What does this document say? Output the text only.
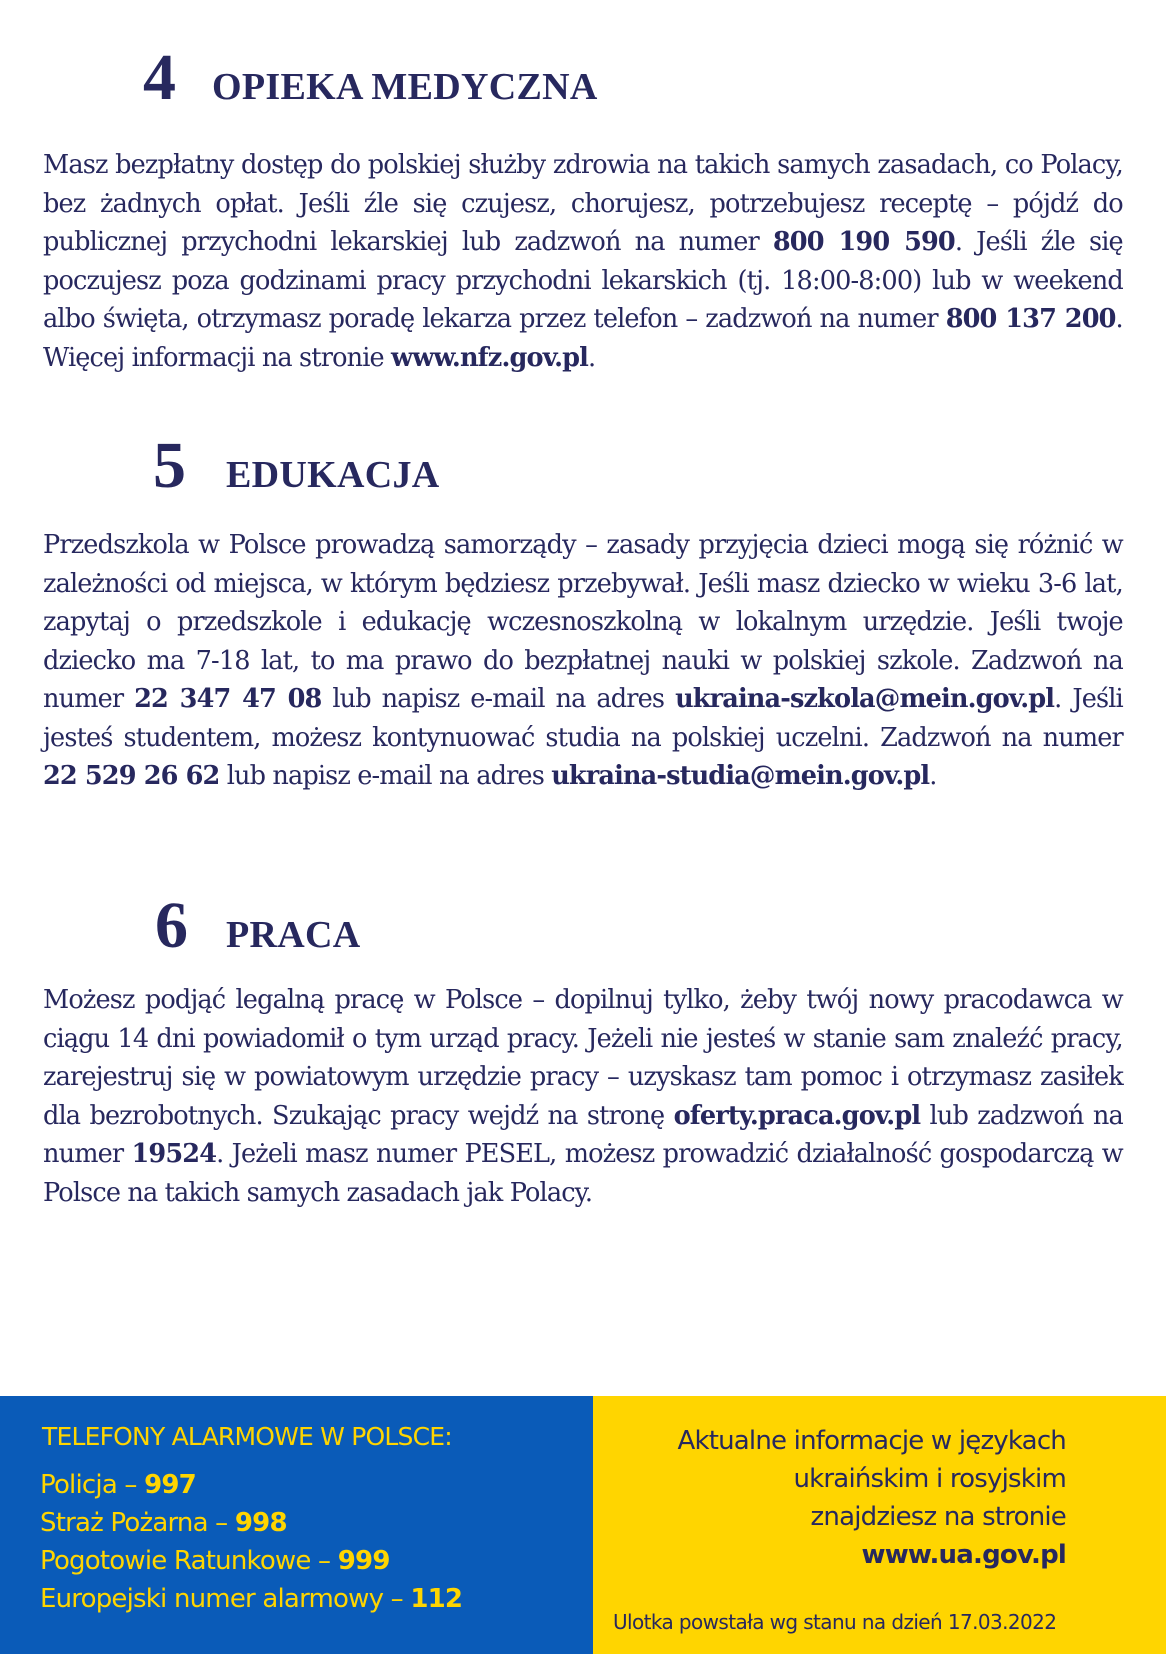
4 OPIEKA MEDYCZNA

Masz bezpłatny dostęp do polskiej służby zdrowia na takich samych zasadach, co Polacy, bez żadnych opłat. Jeśli źle się czujesz, chorujesz, potrzebujesz receptę – pójdź do publicznej przychodni lekarskiej lub zadzwoń na numer 800 190 590. Jeśli źle się poczujesz poza godzinami pracy przychodni lekarskich (tj. 18:00-8:00) lub w weekend albo święta, otrzymasz poradę lekarza przez telefon – zadzwoń na numer 800 137 200. Więcej informacji na stronie www.nfz.gov.pl.

5 EDUKACJA

Przedszkola w Polsce prowadzą samorządy – zasady przyjęcia dzieci mogą się różnić w zależności od miejsca, w którym będziesz przebywał. Jeśli masz dziecko w wieku 3-6 lat, zapytaj o przedszkole i edukację wczesnoszkolną w lokalnym urzędzie. Jeśli twoje dziecko ma 7-18 lat, to ma prawo do bezpłatnej nauki w polskiej szkole. Zadzwoń na numer 22 347 47 08 lub napisz e-mail na adres ukraina-szkola@mein.gov.pl. Jeśli jesteś studentem, możesz kontynuować studia na polskiej uczelni. Zadzwoń na numer 22 529 26 62 lub napisz e-mail na adres ukraina-studia@mein.gov.pl.

6 PRACA

Możesz podjąć legalną pracę w Polsce – dopilnuj tylko, żeby twój nowy pracodawca w ciągu 14 dni powiadomił o tym urząd pracy. Jeżeli nie jesteś w stanie sam znaleźć pracy, zarejestruj się w powiatowym urzędzie pracy – uzyskasz tam pomoc i otrzymasz zasiłek dla bezrobotnych. Szukając pracy wejdź na stronę oferty.praca.gov.pl lub zadzwoń na numer 19524. Jeżeli masz numer PESEL, możesz prowadzić działalność gospodarczą w Polsce na takich samych zasadach jak Polacy.

TELEFONY ALARMOWE W POLSCE:
Policja – 997
Straż Pożarna – 998
Pogotowie Ratunkowe – 999
Europejski numer alarmowy – 112
Aktualne informacje w językach
ukraińskim i rosyjskim
znajdziesz na stronie
www.ua.gov.pl
Ulotka powstała wg stanu na dzień 17.03.2022
